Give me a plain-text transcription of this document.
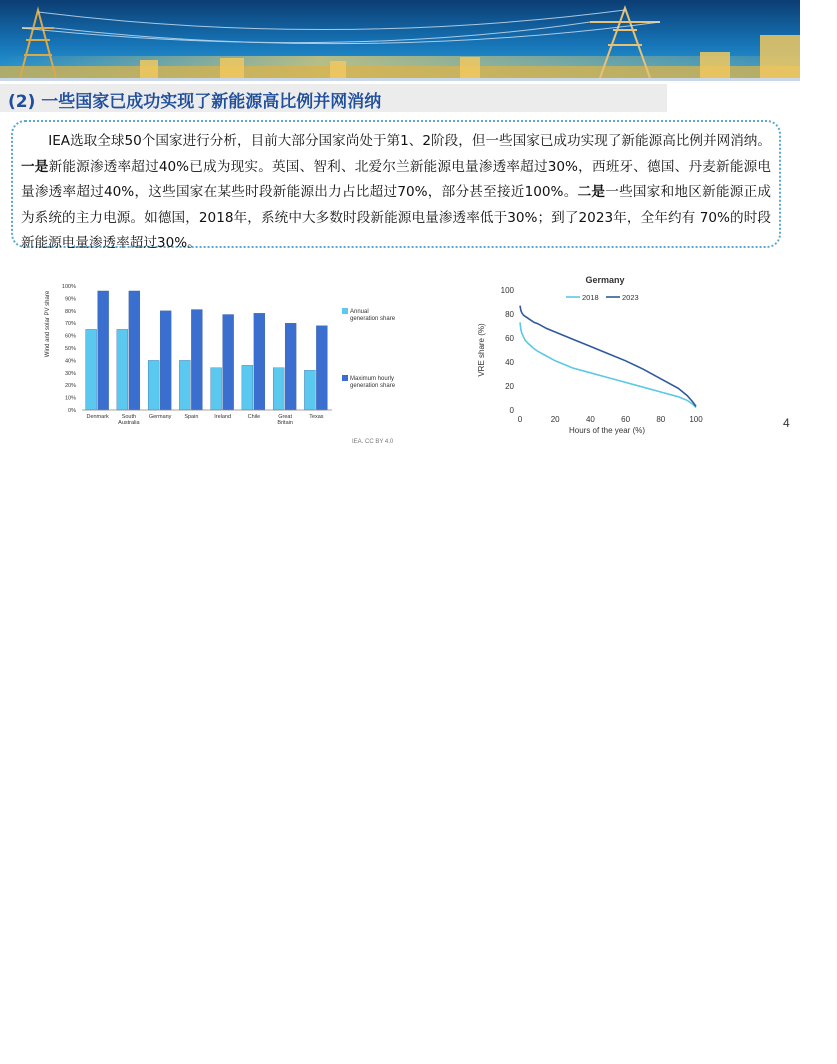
(2) 一些国家已成功实现了新能源高比例并网消纳

IEA选取全球50个国家进行分析，目前大部分国家尚处于第1、2阶段，但一些国家已成功实现了新能源高比例并网消纳。一是新能源渗透率超过40%已成为现实。英国、智利、北爱尔兰新能源电量渗透率超过30%，西班牙、德国、丹麦新能源电量渗透率超过40%，这些国家在某些时段新能源出力占比超过70%，部分甚至接近100%。二是一些国家和地区新能源正成为系统的主力电源。如德国，2018年，系统中大多数时段新能源电量渗透率低于30%；到了2023年，全年约有 70%的时段新能源电量渗透率超过30%。

Wind and solar PV share
0%
10%
20%
30%
40%
50%
60%
70%
80%
90%
100%
Denmark South
Australia
Germany Spain	Ireland	Chile	Great
Britain
Texas
Annual
generation share
Maximum hourly
generation share
IEA. CC BY 4.0
Germany
2018	2023
VRE share (%)
Hours of the year (%)
0
20
40
60
80
100
0	20	40	60	80	100	4
